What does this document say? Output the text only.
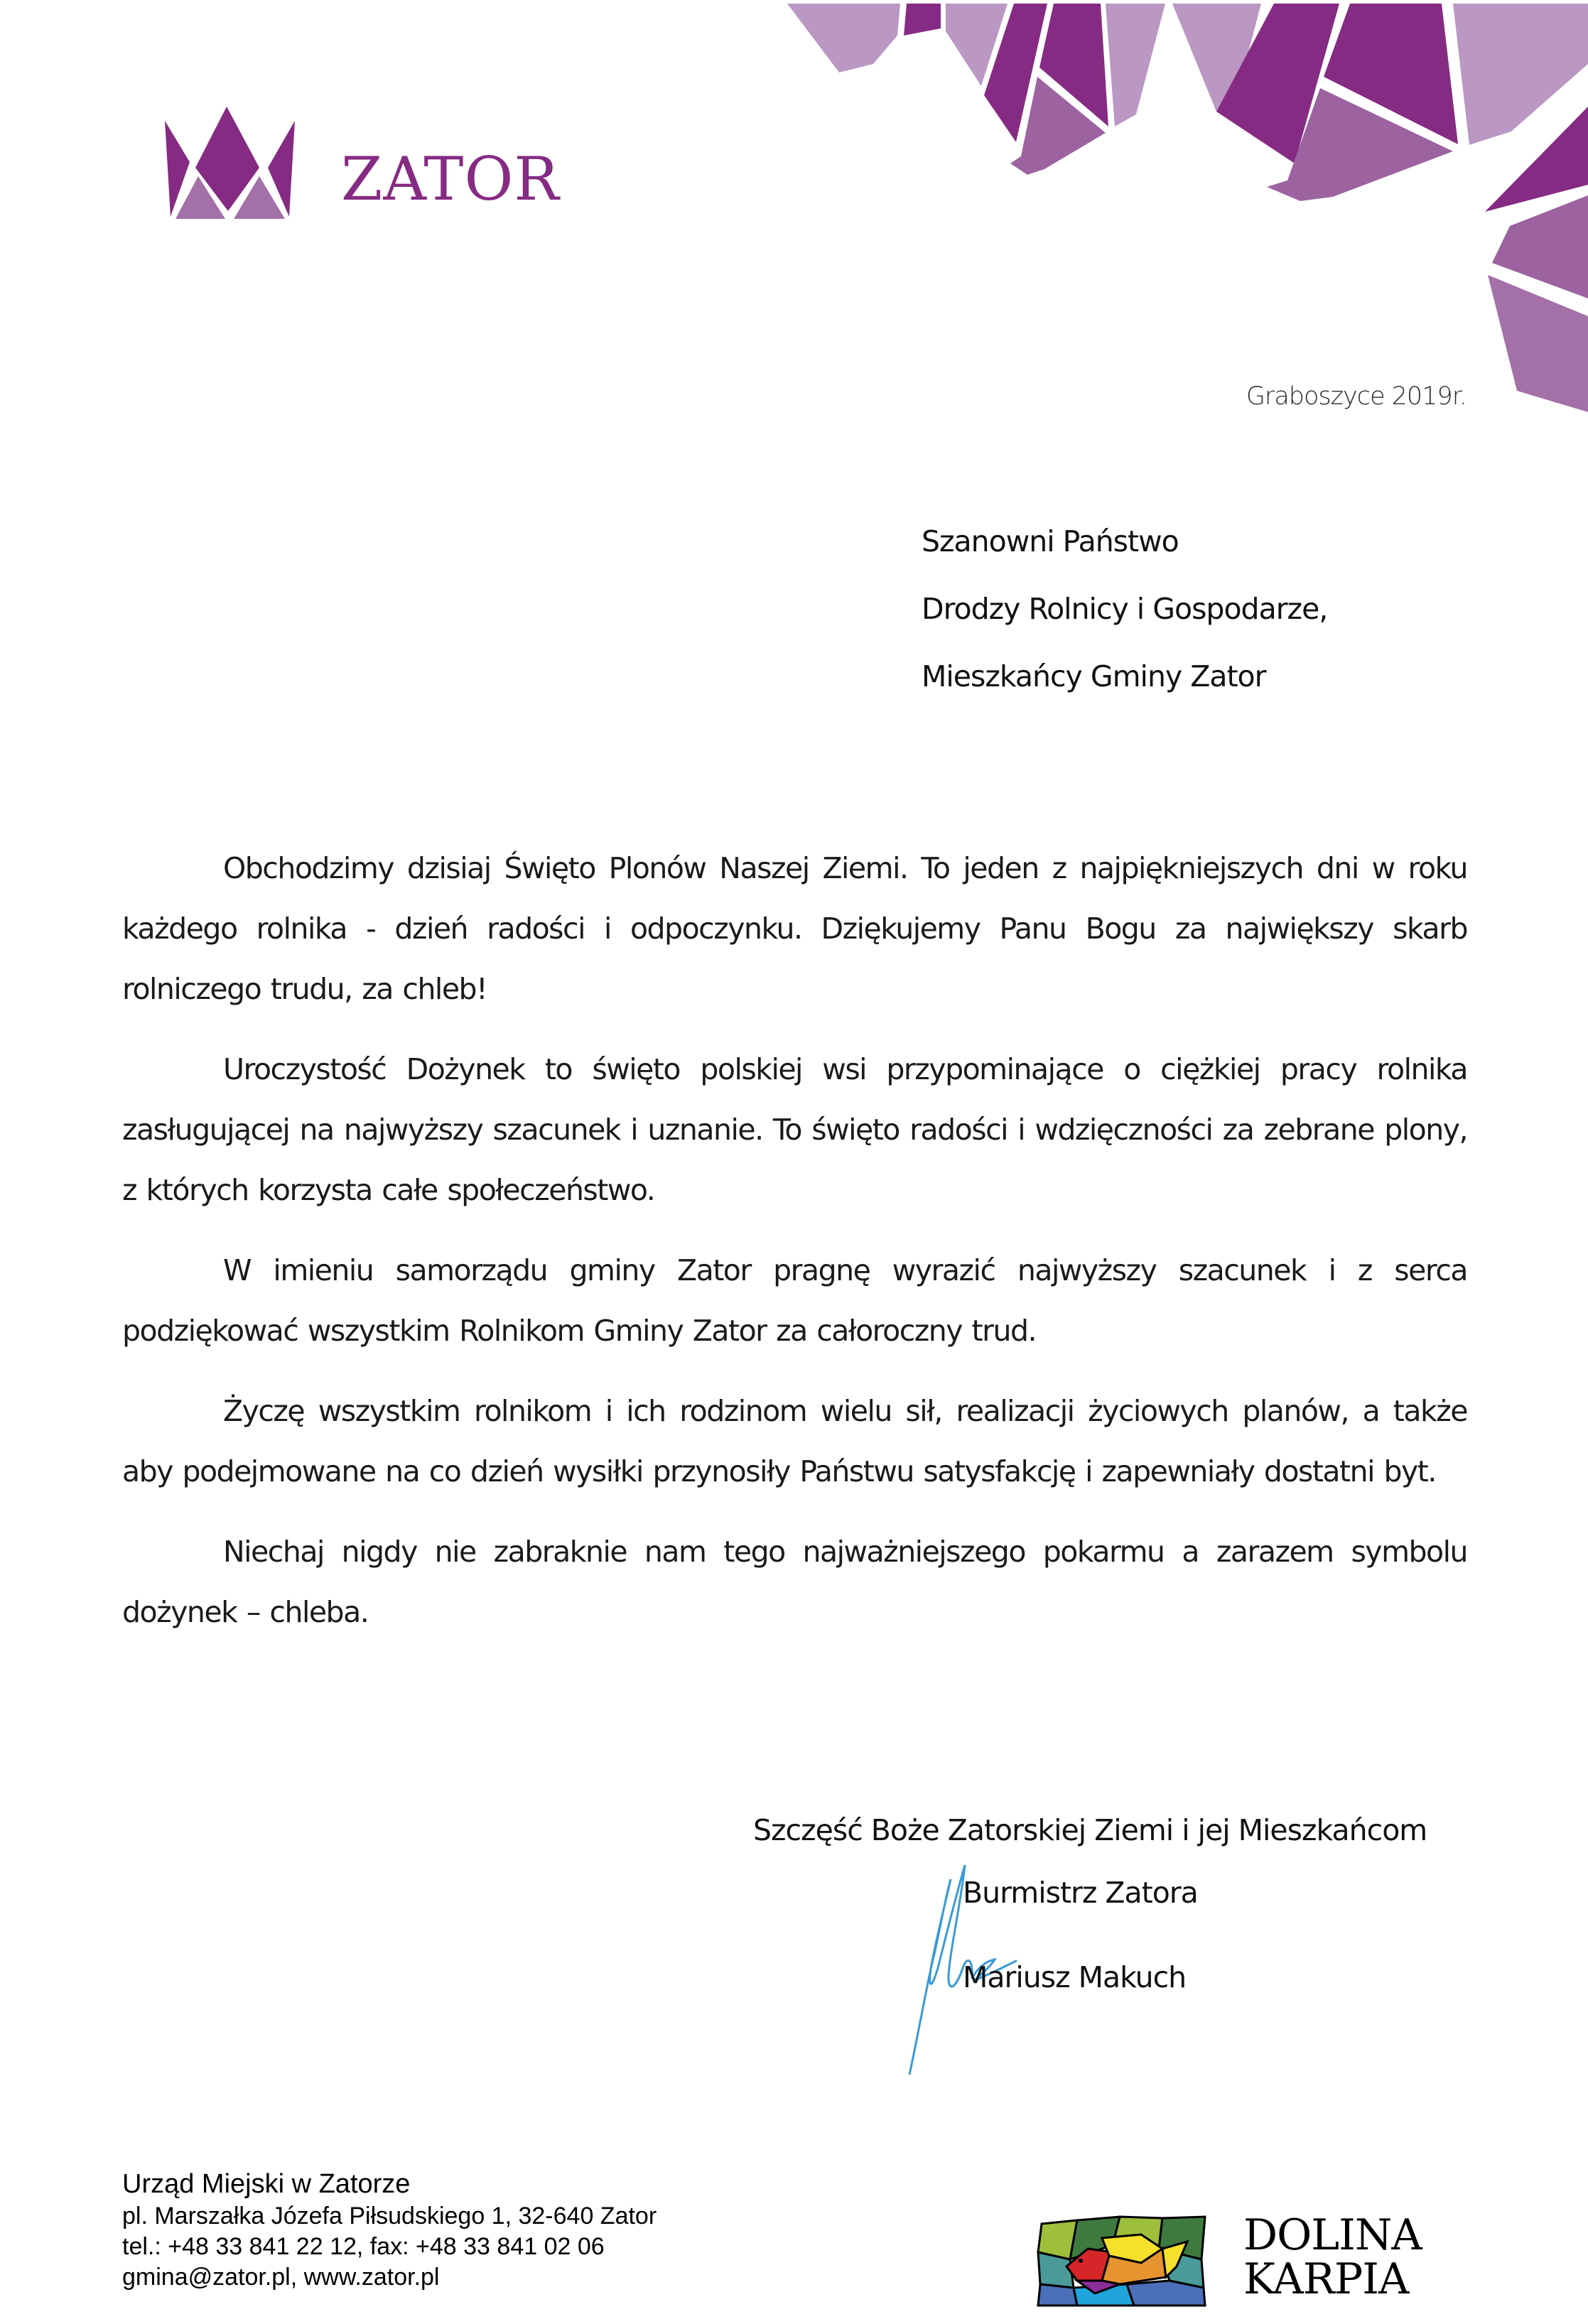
ZATOR
Graboszyce 2019r.
Szanowni Państwo
Drodzy Rolnicy i Gospodarze,
Mieszkańcy Gminy Zator

Obchodzimy dzisiaj Święto Plonów Naszej Ziemi. To jeden z najpiękniejszych dni w roku każdego rolnika - dzień radości i odpoczynku. Dziękujemy Panu Bogu za największy skarb rolniczego trudu, za chleb!

Uroczystość Dożynek to święto polskiej wsi przypominające o ciężkiej pracy rolnika zasługującej na najwyższy szacunek i uznanie. To święto radości i wdzięczności za zebrane plony, z których korzysta całe społeczeństwo.

W imieniu samorządu gminy Zator pragnę wyrazić najwyższy szacunek i z serca podziękować wszystkim Rolnikom Gminy Zator za całoroczny trud.

Życzę wszystkim rolnikom i ich rodzinom wielu sił, realizacji życiowych planów, a także aby podejmowane na co dzień wysiłki przynosiły Państwu satysfakcję i zapewniały dostatni byt.

Niechaj nigdy nie zabraknie nam tego najważniejszego pokarmu a zarazem symbolu dożynek – chleba.

Szczęść Boże Zatorskiej Ziemi i jej Mieszkańcom
Burmistrz Zatora
Mariusz Makuch
Urząd Miejski w Zatorze
pl. Marszałka Józefa Piłsudskiego 1, 32-640 Zator
tel.: +48 33 841 22 12, fax: +48 33 841 02 06
gmina@zator.pl, www.zator.pl
DOLINA
KARPIA
